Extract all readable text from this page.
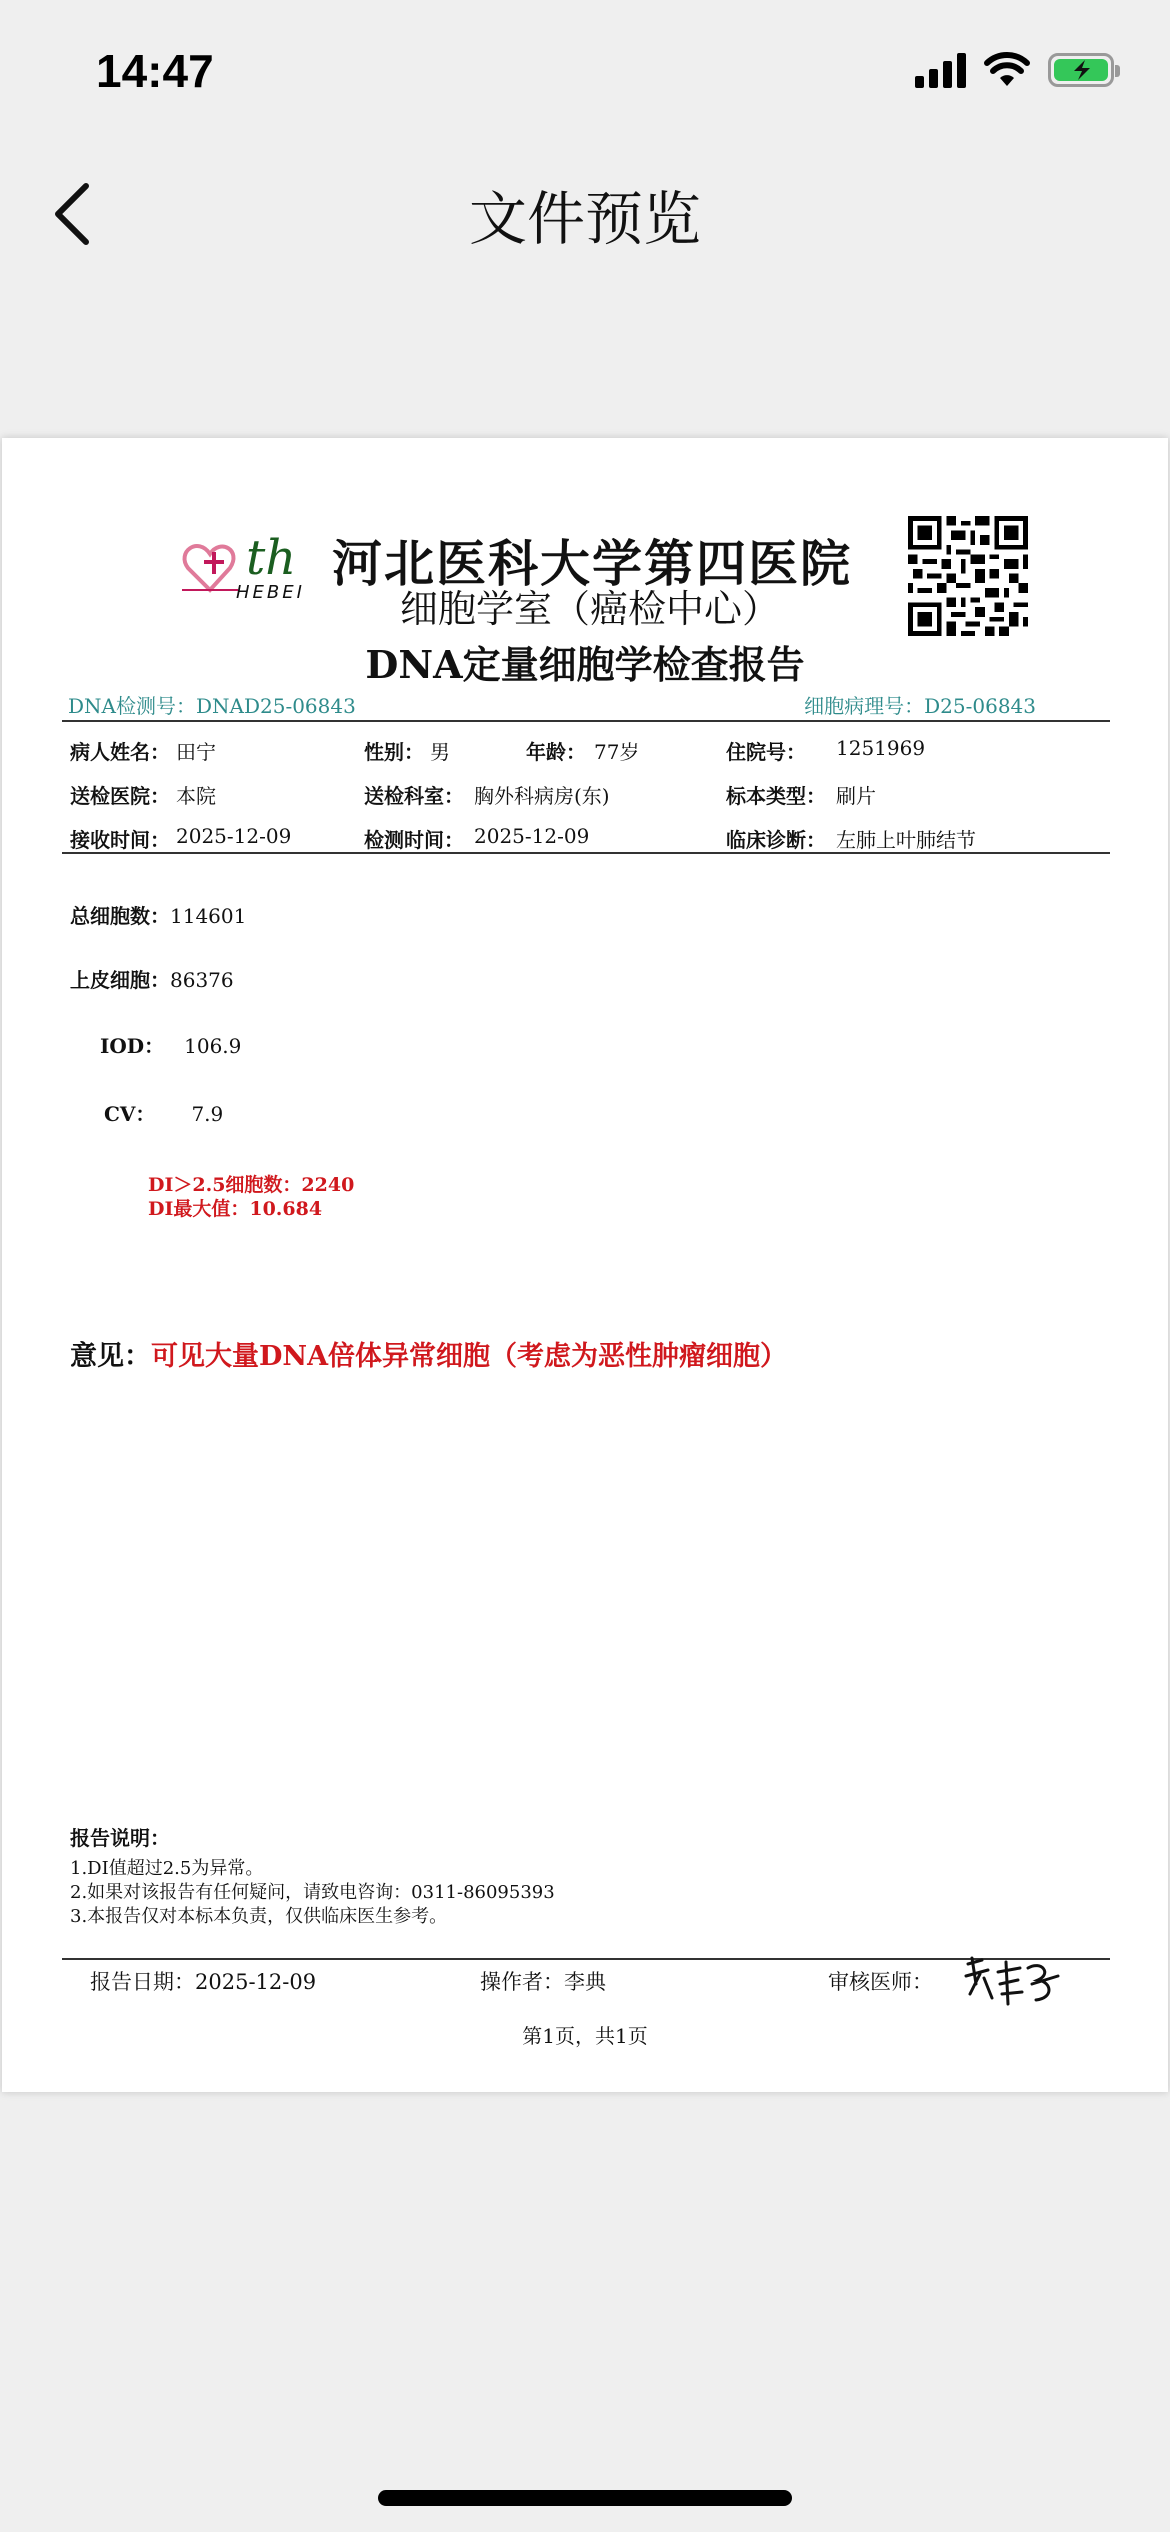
14:47
文件预览
th
HEBEI 河北医科大学第四医院
细胞学室（癌检中心）
DNA定量细胞学检查报告
DNA检测号：DNAD25-06843	细胞病理号：D25-06843
病人姓名： 田宁	性别： 男	年龄： 77岁	住院号： 1251969
送检医院： 本院	送检科室： 胸外科病房(东)	标本类型： 刷片
接收时间： 2025-12-09	检测时间： 2025-12-09	临床诊断： 左肺上叶肺结节
总细胞数：114601
上皮细胞：86376
IOD： 106.9
CV： 7.9
DI＞2.5细胞数：2240
DI最大值：10.684
意见：可见大量DNA倍体异常细胞（考虑为恶性肿瘤细胞）
报告说明：
1.DI值超过2.5为异常。
2.如果对该报告有任何疑问，请致电咨询：0311-86095393
3.本报告仅对本标本负责，仅供临床医生参考。
报告日期：2025-12-09	操作者：李典	审核医师：
第1页，共1页
